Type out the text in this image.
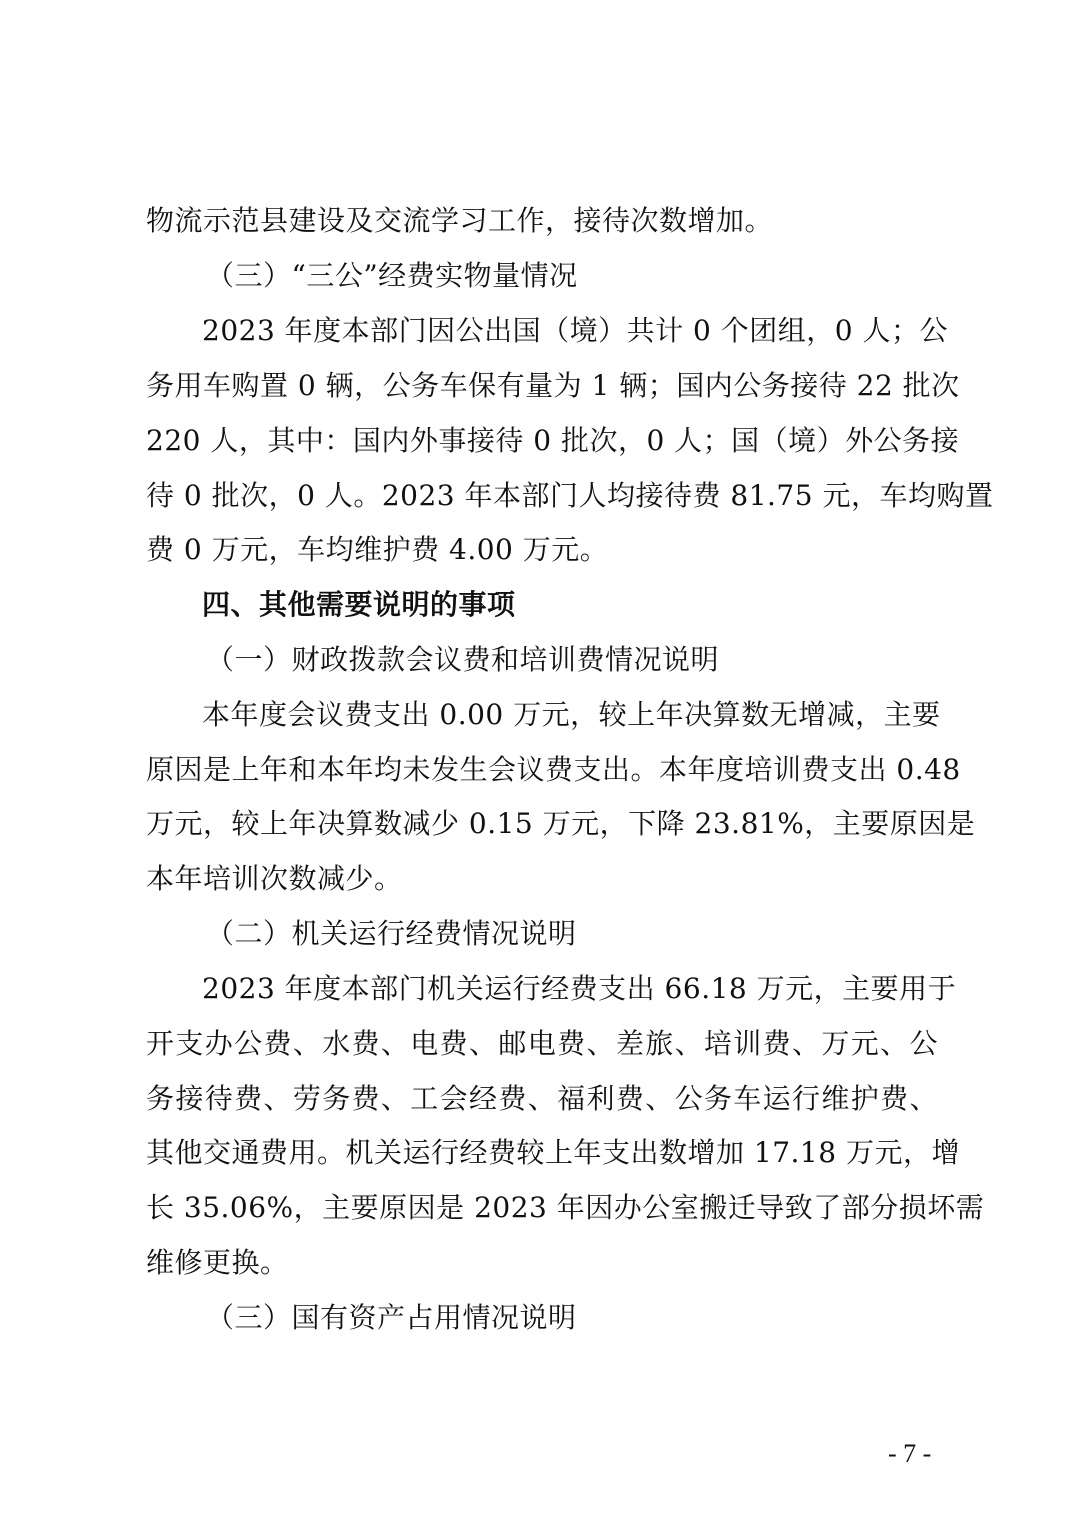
物流示范县建设及交流学习工作，接待次数增加。
（三）“三公”经费实物量情况
2023 年度本部门因公出国（境）共计 0 个团组，0 人；公
务用车购置 0 辆，公务车保有量为 1 辆；国内公务接待 22 批次
220 人，其中：国内外事接待 0 批次，0 人；国（境）外公务接
待 0 批次，0 人。2023 年本部门人均接待费 81.75 元，车均购置
费 0 万元，车均维护费 4.00 万元。
四、其他需要说明的事项
（一）财政拨款会议费和培训费情况说明
本年度会议费支出 0.00 万元，较上年决算数无增减，主要
原因是上年和本年均未发生会议费支出。本年度培训费支出 0.48
万元，较上年决算数减少 0.15 万元，下降 23.81%，主要原因是
本年培训次数减少。
（二）机关运行经费情况说明
2023 年度本部门机关运行经费支出 66.18 万元，主要用于
开支办公费、水费、电费、邮电费、差旅、培训费、万元、公
务接待费、劳务费、工会经费、福利费、公务车运行维护费、
其他交通费用。机关运行经费较上年支出数增加 17.18 万元，增
长 35.06%，主要原因是 2023 年因办公室搬迁导致了部分损坏需
维修更换。
（三）国有资产占用情况说明
- 7 -
